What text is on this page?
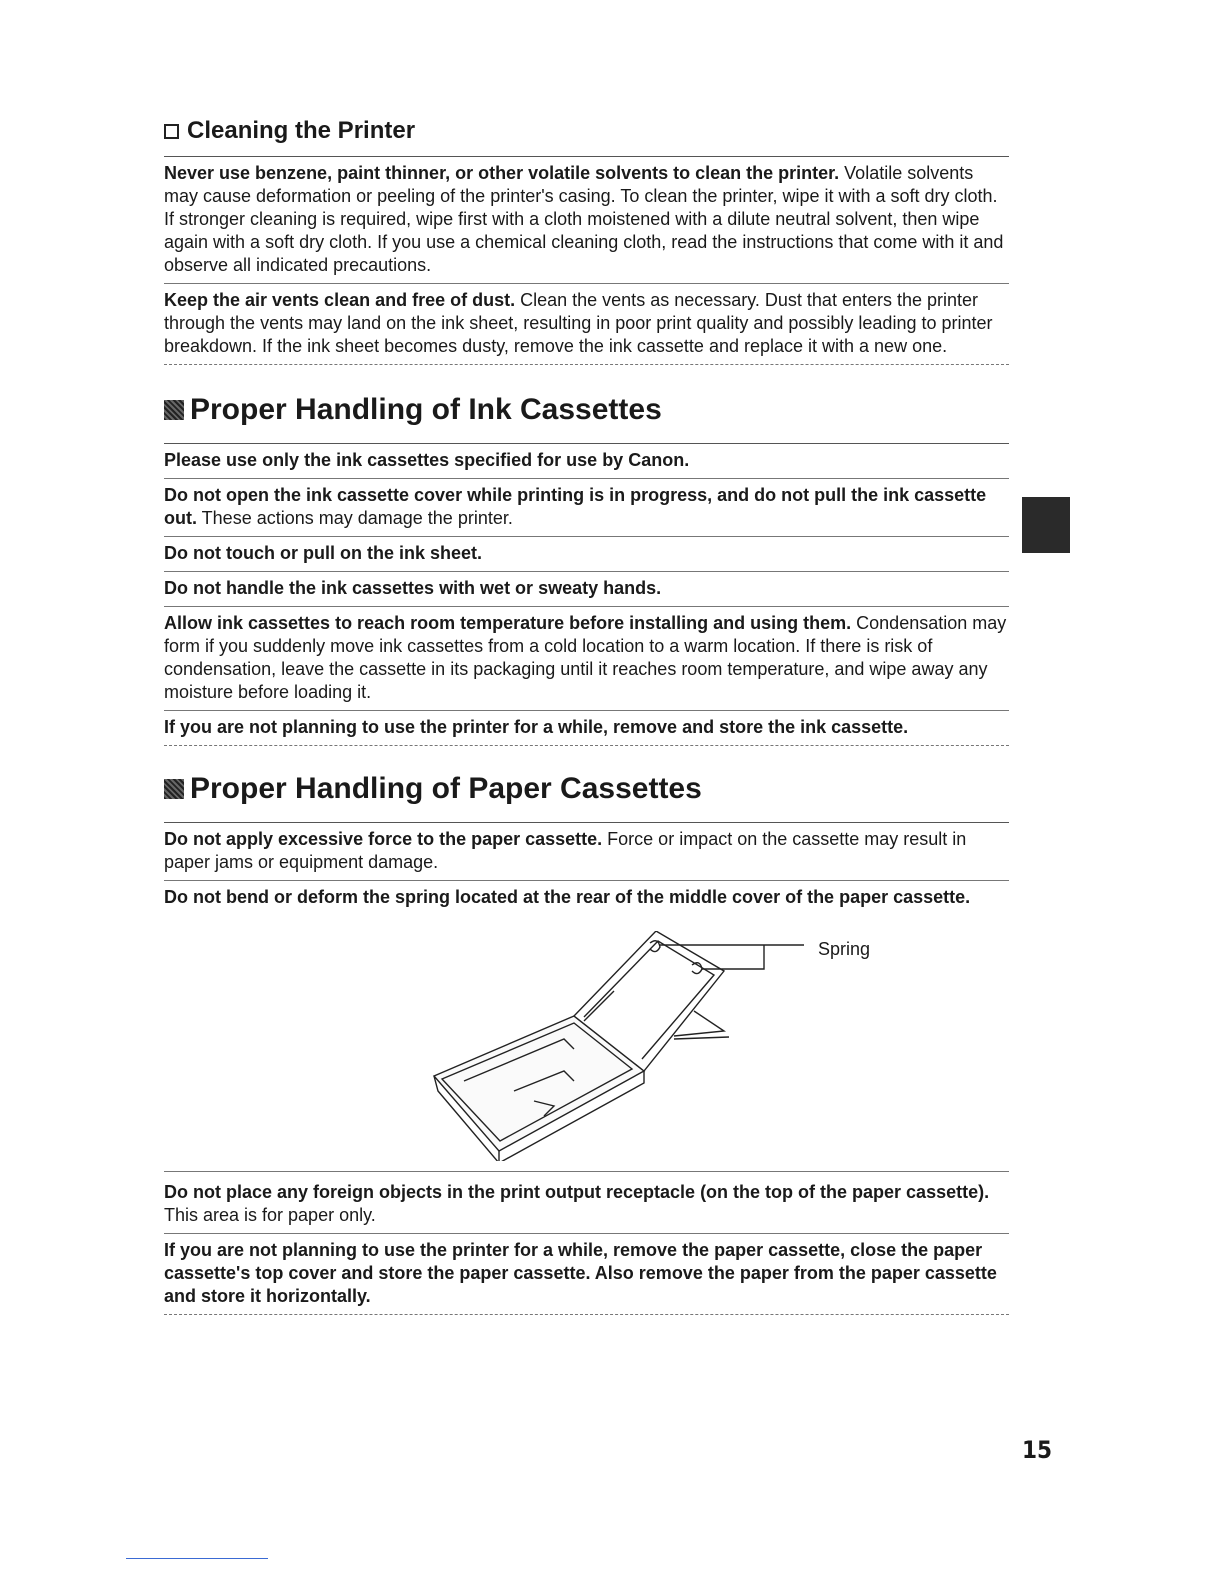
Cleaning the Printer
Never use benzene, paint thinner, or other volatile solvents to clean the printer. Volatile solvents may cause deformation or peeling of the printer's casing. To clean the printer, wipe it with a soft dry cloth. If stronger cleaning is required, wipe first with a cloth moistened with a dilute neutral solvent, then wipe again with a soft dry cloth. If you use a chemical cleaning cloth, read the instructions that come with it and observe all indicated precautions.
Keep the air vents clean and free of dust. Clean the vents as necessary. Dust that enters the printer through the vents may land on the ink sheet, resulting in poor print quality and possibly leading to printer breakdown. If the ink sheet becomes dusty, remove the ink cassette and replace it with a new one.
Proper Handling of Ink Cassettes
Please use only the ink cassettes specified for use by Canon.
Do not open the ink cassette cover while printing is in progress, and do not pull the ink cassette out. These actions may damage the printer.
Do not touch or pull on the ink sheet.
Do not handle the ink cassettes with wet or sweaty hands.
Allow ink cassettes to reach room temperature before installing and using them. Condensation may form if you suddenly move ink cassettes from a cold location to a warm location. If there is risk of condensation, leave the cassette in its packaging until it reaches room temperature, and wipe away any moisture before loading it.
If you are not planning to use the printer for a while, remove and store the ink cassette.
Proper Handling of Paper Cassettes
Do not apply excessive force to the paper cassette. Force or impact on the cassette may result in paper jams or equipment damage.
Do not bend or deform the spring located at the rear of the middle cover of the paper cassette.
Spring
Do not place any foreign objects in the print output receptacle (on the top of the paper cassette). This area is for paper only.
If you are not planning to use the printer for a while, remove the paper cassette, close the paper cassette's top cover and store the paper cassette. Also remove the paper from the paper cassette and store it horizontally.
15
